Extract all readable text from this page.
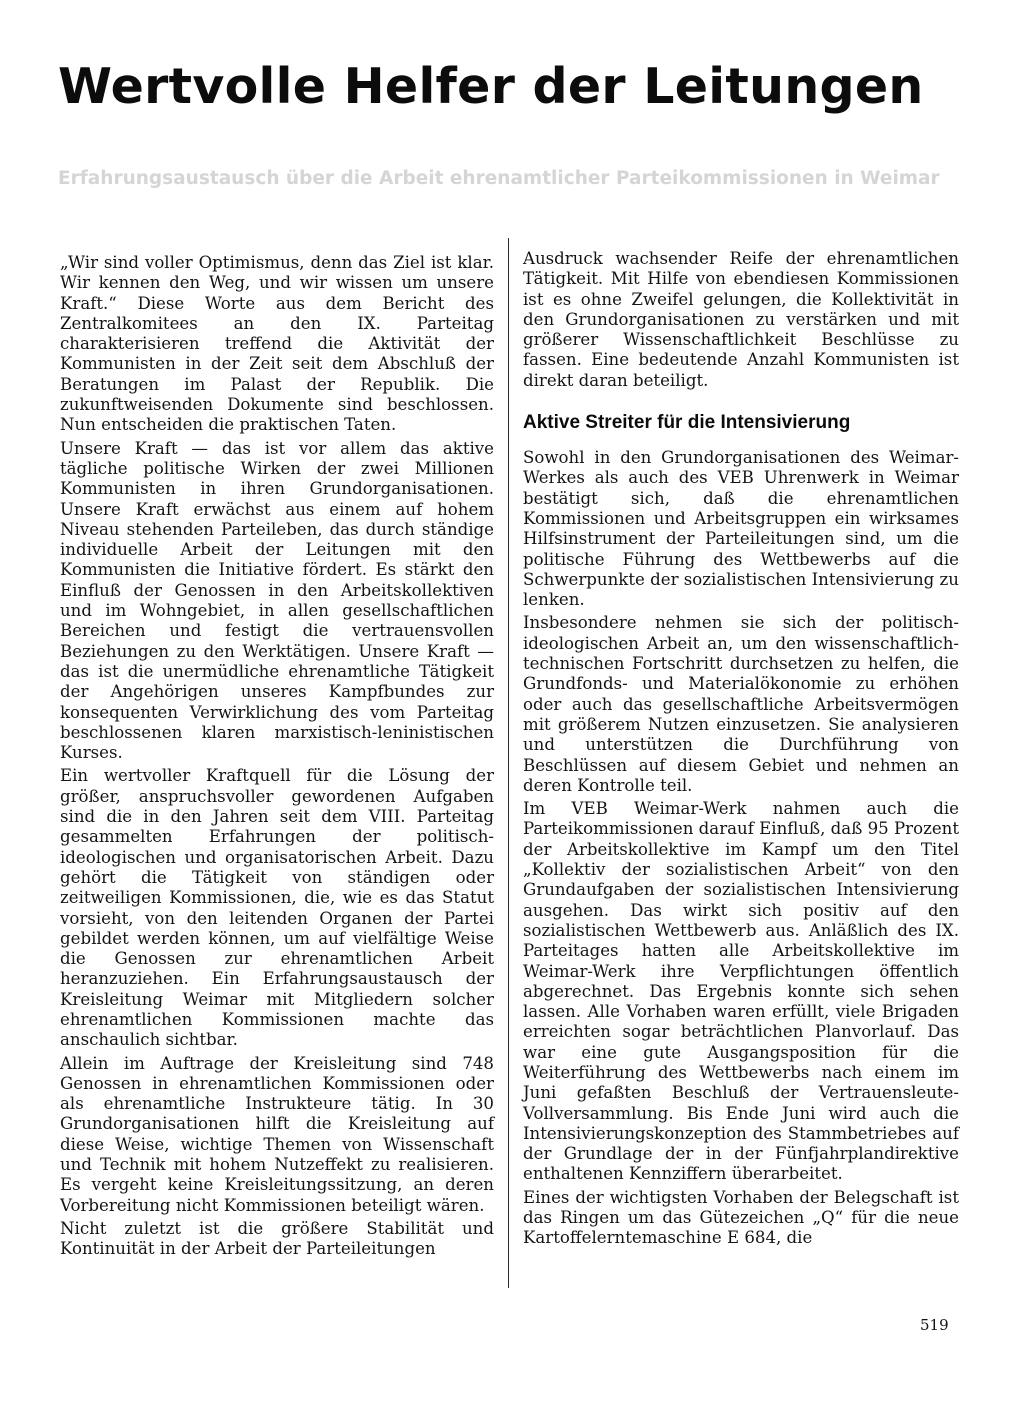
Wertvolle Helfer der Leitungen
Erfahrungsaustausch über die Arbeit ehrenamtlicher Parteikommissionen in Weimar

„Wir sind voller Optimismus, denn das Ziel ist klar. Wir kennen den Weg, und wir wissen um unsere Kraft.“ Diese Worte aus dem Bericht des Zentralkomitees an den IX. Parteitag charakterisieren treffend die Aktivität der Kommunisten in der Zeit seit dem Abschluß der Beratungen im Palast der Republik. Die zukunftweisenden Dokumente sind beschlossen. Nun entscheiden die praktischen Taten.

Unsere Kraft — das ist vor allem das aktive tägliche politische Wirken der zwei Millionen Kommunisten in ihren Grundorganisationen. Unsere Kraft erwächst aus einem auf hohem Niveau stehenden Parteileben, das durch ständige individuelle Arbeit der Leitungen mit den Kommunisten die Initiative fördert. Es stärkt den Einfluß der Genossen in den Arbeitskollektiven und im Wohngebiet, in allen gesellschaftlichen Bereichen und festigt die vertrauensvollen Beziehungen zu den Werktätigen. Unsere Kraft — das ist die unermüdliche ehrenamtliche Tätigkeit der Angehörigen unseres Kampfbundes zur konsequenten Verwirklichung des vom Parteitag beschlossenen klaren marxistisch-leninistischen Kurses.

Ein wertvoller Kraftquell für die Lösung der größer, anspruchsvoller gewordenen Aufgaben sind die in den Jahren seit dem VIII. Parteitag gesammelten Erfahrungen der politisch-ideologischen und organisatorischen Arbeit. Dazu gehört die Tätigkeit von ständigen oder zeitweiligen Kommissionen, die, wie es das Statut vorsieht, von den leitenden Organen der Partei gebildet werden können, um auf vielfältige Weise die Genossen zur ehrenamtlichen Arbeit heranzuziehen. Ein Erfahrungsaustausch der Kreisleitung Weimar mit Mitgliedern solcher ehrenamtlichen Kommissionen machte das anschaulich sichtbar.

Allein im Auftrage der Kreisleitung sind 748 Genossen in ehrenamtlichen Kommissionen oder als ehrenamtliche Instrukteure tätig. In 30 Grundorganisationen hilft die Kreisleitung auf diese Weise, wichtige Themen von Wissenschaft und Technik mit hohem Nutzeffekt zu realisieren. Es vergeht keine Kreisleitungssitzung, an deren Vorbereitung nicht Kommissionen beteiligt wären.

Nicht zuletzt ist die größere Stabilität und Kontinuität in der Arbeit der Parteileitungen

Ausdruck wachsender Reife der ehrenamtlichen Tätigkeit. Mit Hilfe von ebendiesen Kommissionen ist es ohne Zweifel gelungen, die Kollektivität in den Grundorganisationen zu verstärken und mit größerer Wissenschaftlichkeit Beschlüsse zu fassen. Eine bedeutende Anzahl Kommunisten ist direkt daran beteiligt.

Aktive Streiter für die Intensivierung

Sowohl in den Grundorganisationen des Weimar-Werkes als auch des VEB Uhrenwerk in Weimar bestätigt sich, daß die ehrenamtlichen Kommissionen und Arbeitsgruppen ein wirksames Hilfsinstrument der Parteileitungen sind, um die politische Führung des Wettbewerbs auf die Schwerpunkte der sozialistischen Intensivierung zu lenken.

Insbesondere nehmen sie sich der politisch-ideologischen Arbeit an, um den wissenschaftlich-technischen Fortschritt durchsetzen zu helfen, die Grundfonds- und Materialökonomie zu erhöhen oder auch das gesellschaftliche Arbeitsvermögen mit größerem Nutzen einzusetzen. Sie analysieren und unterstützen die Durchführung von Beschlüssen auf diesem Gebiet und nehmen an deren Kontrolle teil.

Im VEB Weimar-Werk nahmen auch die Parteikommissionen darauf Einfluß, daß 95 Prozent der Arbeitskollektive im Kampf um den Titel „Kollektiv der sozialistischen Arbeit“ von den Grundaufgaben der sozialistischen Intensivierung ausgehen. Das wirkt sich positiv auf den sozialistischen Wettbewerb aus. Anläßlich des IX. Parteitages hatten alle Arbeitskollektive im Weimar-Werk ihre Verpflichtungen öffentlich abgerechnet. Das Ergebnis konnte sich sehen lassen. Alle Vorhaben waren erfüllt, viele Brigaden erreichten sogar beträchtlichen Planvorlauf. Das war eine gute Ausgangsposition für die Weiterführung des Wettbewerbs nach einem im Juni gefaßten Beschluß der Vertrauensleute-Vollversammlung. Bis Ende Juni wird auch die Intensivierungskonzeption des Stammbetriebes auf der Grundlage der in der Fünfjahrplandirektive enthaltenen Kennziffern überarbeitet.

Eines der wichtigsten Vorhaben der Belegschaft ist das Ringen um das Gütezeichen „Q“ für die neue Kartoffelerntemaschine E 684, die

519
